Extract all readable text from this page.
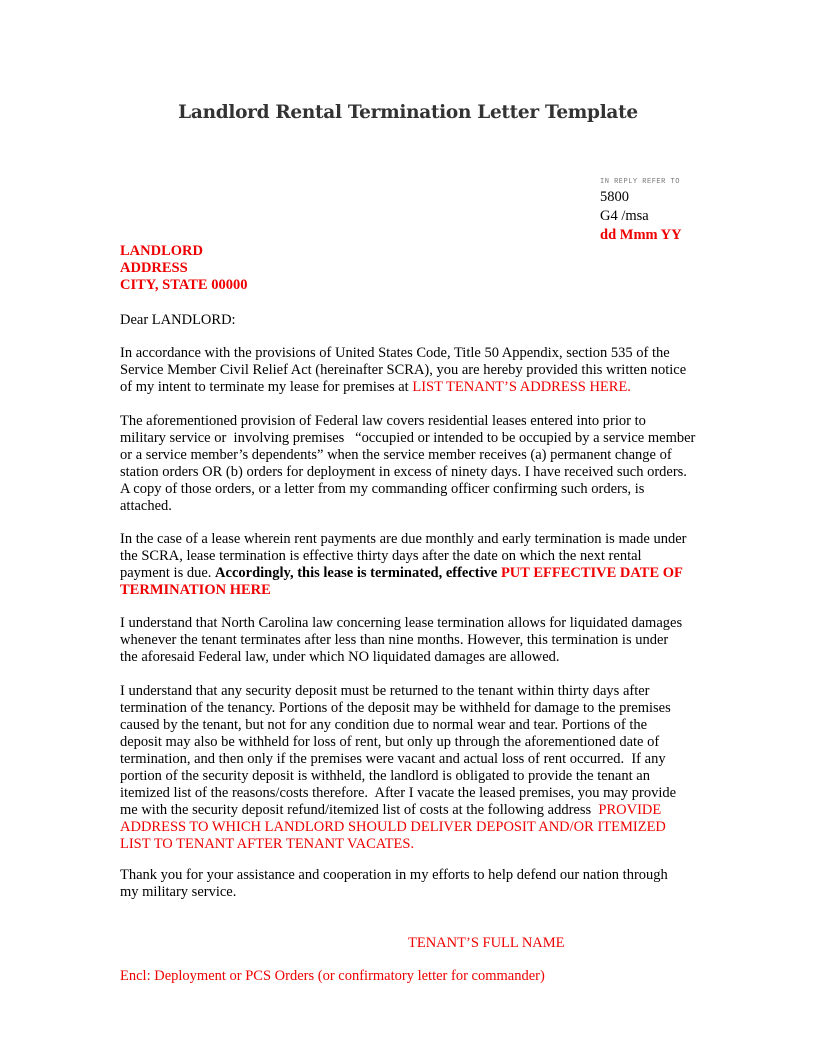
Landlord Rental Termination Letter Template
IN REPLY REFER TO
5800
G4 /msa
dd Mmm YY
LANDLORD
ADDRESS
CITY, STATE 00000
Dear LANDLORD:
In accordance with the provisions of United States Code, Title 50 Appendix, section 535 of the
Service Member Civil Relief Act (hereinafter SCRA), you are hereby provided this written notice
of my intent to terminate my lease for premises at LIST TENANT’S ADDRESS HERE.
The aforementioned provision of Federal law covers residential leases entered into prior to
military service or  involving premises   “occupied or intended to be occupied by a service member
or a service member’s dependents” when the service member receives (a) permanent change of
station orders OR (b) orders for deployment in excess of ninety days. I have received such orders.
A copy of those orders, or a letter from my commanding officer confirming such orders, is
attached.
In the case of a lease wherein rent payments are due monthly and early termination is made under
the SCRA, lease termination is effective thirty days after the date on which the next rental
payment is due. Accordingly, this lease is terminated, effective PUT EFFECTIVE DATE OF
TERMINATION HERE
I understand that North Carolina law concerning lease termination allows for liquidated damages
whenever the tenant terminates after less than nine months. However, this termination is under
the aforesaid Federal law, under which NO liquidated damages are allowed.
I understand that any security deposit must be returned to the tenant within thirty days after
termination of the tenancy. Portions of the deposit may be withheld for damage to the premises
caused by the tenant, but not for any condition due to normal wear and tear. Portions of the
deposit may also be withheld for loss of rent, but only up through the aforementioned date of
termination, and then only if the premises were vacant and actual loss of rent occurred.  If any
portion of the security deposit is withheld, the landlord is obligated to provide the tenant an
itemized list of the reasons/costs therefore.  After I vacate the leased premises, you may provide
me with the security deposit refund/itemized list of costs at the following address  PROVIDE
ADDRESS TO WHICH LANDLORD SHOULD DELIVER DEPOSIT AND/OR ITEMIZED
LIST TO TENANT AFTER TENANT VACATES.
Thank you for your assistance and cooperation in my efforts to help defend our nation through
my military service.
TENANT’S FULL NAME
Encl: Deployment or PCS Orders (or confirmatory letter for commander)
